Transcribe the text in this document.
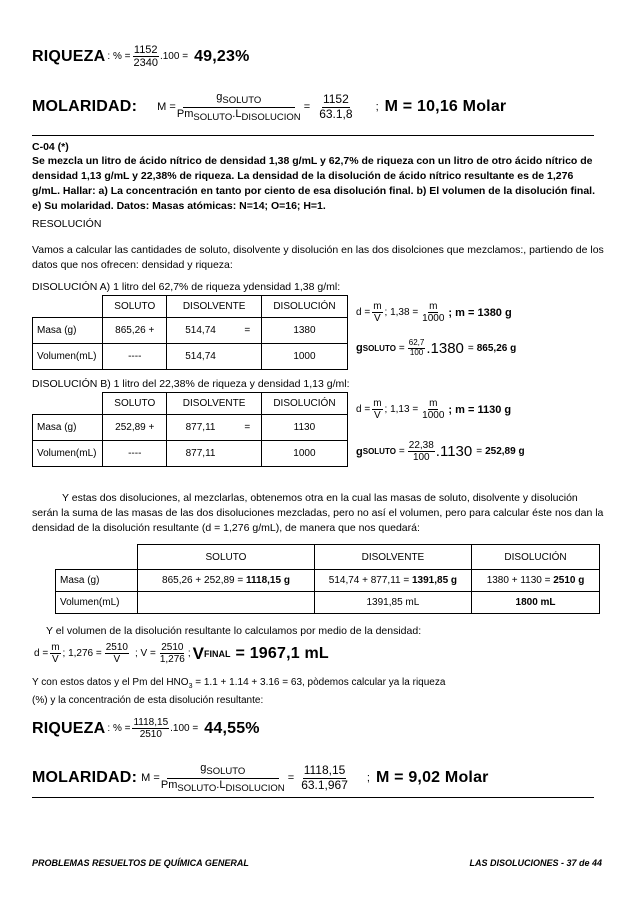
RIQUEZA : % = $\frac{1152}{2340} .100 = 49,23\%$
MOLARIDAD: $M = \frac{g_{SOLUTO}}{Pm_{SOLUTO}.L_{DISOLUCION}} = \frac{1152}{63.1,8}$ ; M = 10,16 Molar
C-04 (*)
Se mezcla un litro de ácido nítrico de densidad 1,38 g/mL y 62,7% de riqueza con un litro de otro ácido nítrico de densidad 1,13 g/mL y 22,38% de riqueza. La densidad de la disolución de ácido nítrico resultante es de 1,276 g/mL. Hallar: a) La concentración en tanto por ciento de esa disolución final. b) El volumen de la disolución final. e) Su molaridad. Datos: Masas atómicas: N=14; O=16; H=1.
RESOLUCIÓN
Vamos a calcular las cantidades de soluto, disolvente y disolución en las dos disolciones que mezclamos:, partiendo de los datos que nos ofrecen: densidad y riqueza:
DISOLUCIÓN A) 1 litro del 62,7% de riqueza ydensidad 1,38 g/ml:
	SOLUTO	DISOLVENTE		DISOLUCIÓN
Masa (g)	865,26 +	514,74	=	1380
Volumen(mL)	----	514,74		1000
$d = \frac{m}{V}$ ; $1,38 = \frac{m}{1000}$ ; m = 1380 g
g SOLUTO = $\frac{62,7}{100} .1380 = 865,26$ g
DISOLUCIÓN B) 1 litro del 22,38% de riqueza y densidad 1,13 g/ml:
	SOLUTO	DISOLVENTE		DISOLUCIÓN
Masa (g)	252,89 +	877,11	=	1130
Volumen(mL)	----	877,11		1000
$d = \frac{m}{V}$ ; $1,13 = \frac{m}{1000}$ ; m = 1130 g
g SOLUTO = $\frac{22,38}{100} .1130 = 252,89$ g
Y estas dos disoluciones, al mezclarlas, obtenemos otra en la cual las masas de soluto, disolvente y disolución serán la suma de las masas de las dos disoluciones mezcladas, pero no así el volumen, pero para calcular éste nos dan la densidad de la disolución resultante (d = 1,276 g/mL), de manera que nos quedará:
	SOLUTO	DISOLVENTE	DISOLUCIÓN
Masa (g)	865,26 + 252,89 = 1118,15 g	514,74 + 877,11 = 1391,85 g	1380 + 1130 = 2510 g
Volumen(mL)		1391,85 mL	1800 mL
Y el volumen de la disolución resultante lo calculamos por medio de la densidad:
$d = \frac{m}{V}$ ; $1,276 = \frac{2510}{V}$ ; $V = \frac{2510}{1,276}$ ; V FINAL = 1967,1 mL
Y con estos datos y el Pm del $HNO_3 = 1.1 + 1.14 + 3.16 = 63$, pòdemos calcular ya la riqueza
(%) y la concentración de esta disolución resultante:
RIQUEZA : % = $\frac{1118,15}{2510} .100 = 44,55\%$
MOLARIDAD: $M = \frac{g_{SOLUTO}}{Pm_{SOLUTO}.L_{DISOLUCION}} = \frac{1118,15}{63.1,967}$ ; M = 9,02 Molar
PROBLEMAS RESUELTOS DE QUÍMICA GENERAL	LAS DISOLUCIONES - 37 de 44
